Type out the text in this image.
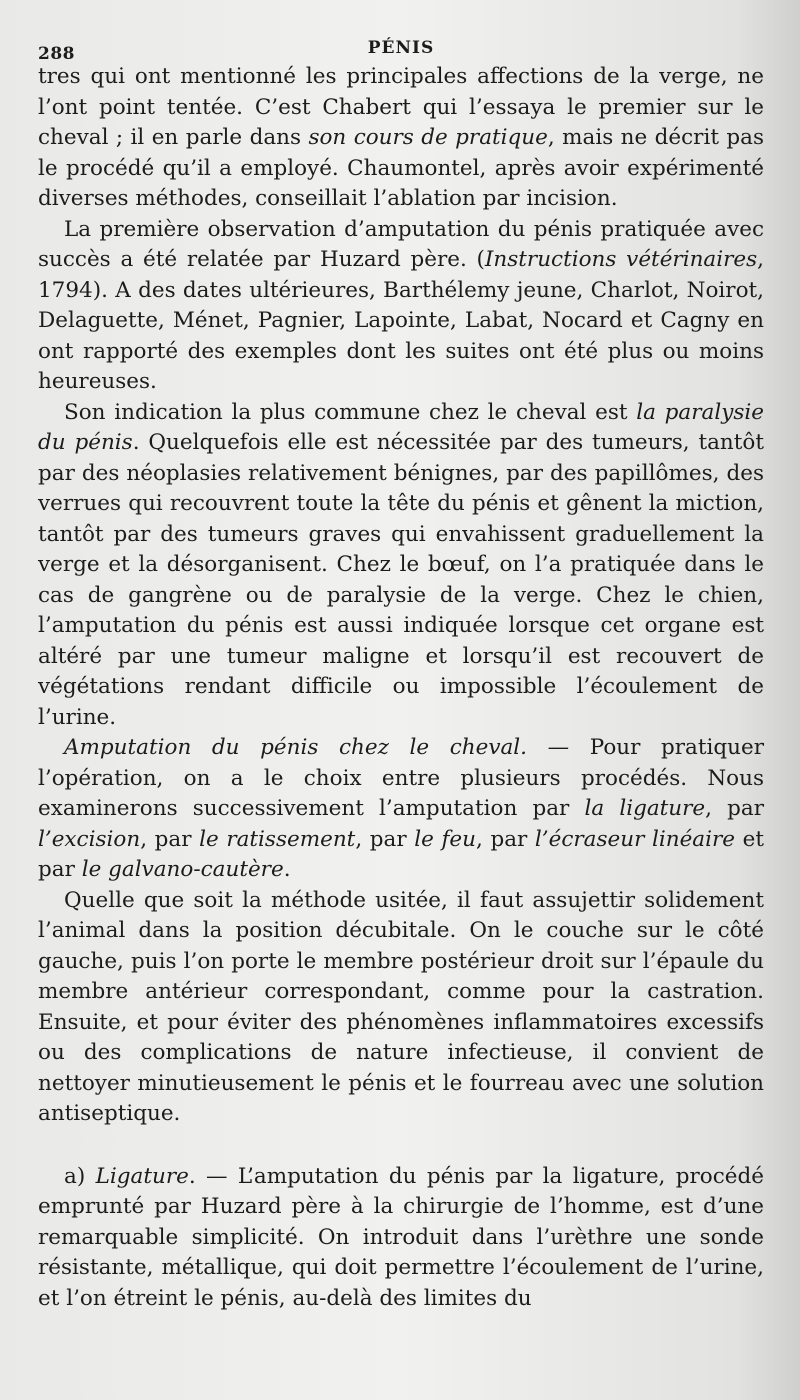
288	PÉNIS

tres qui ont mentionné les principales affections de la verge, ne l’ont point tentée. C’est Chabert qui l’essaya le premier sur le cheval ; il en parle dans son cours de pratique, mais ne décrit pas le procédé qu’il a employé. Chaumontel, après avoir expérimenté diverses méthodes, conseillait l’ablation par incision.

La première observation d’amputation du pénis pratiquée avec succès a été relatée par Huzard père. (Instructions vétérinaires, 1794). A des dates ultérieures, Barthélemy jeune, Charlot, Noirot, Delaguette, Ménet, Pagnier, Lapointe, Labat, Nocard et Cagny en ont rapporté des exemples dont les suites ont été plus ou moins heureuses.

Son indication la plus commune chez le cheval est la paralysie du pénis. Quelquefois elle est nécessitée par des tumeurs, tantôt par des néoplasies relativement bénignes, par des papillômes, des verrues qui recouvrent toute la tête du pénis et gênent la miction, tantôt par des tumeurs graves qui envahissent graduellement la verge et la désorganisent. Chez le bœuf, on l’a pratiquée dans le cas de gangrène ou de paralysie de la verge. Chez le chien, l’amputation du pénis est aussi indiquée lorsque cet organe est altéré par une tumeur maligne et lorsqu’il est recouvert de végétations rendant difficile ou impossible l’écoulement de l’urine.

Amputation du pénis chez le cheval. — Pour pratiquer l’opération, on a le choix entre plusieurs procédés. Nous examinerons successivement l’amputation par la ligature, par l’excision, par le ratissement, par le feu, par l’écraseur linéaire et par le galvano-cautère.

Quelle que soit la méthode usitée, il faut assujettir solidement l’animal dans la position décubitale. On le couche sur le côté gauche, puis l’on porte le membre postérieur droit sur l’épaule du membre antérieur correspondant, comme pour la castration. Ensuite, et pour éviter des phénomènes inflammatoires excessifs ou des complications de nature infectieuse, il convient de nettoyer minutieusement le pénis et le fourreau avec une solution antiseptique.

a) Ligature. — L’amputation du pénis par la ligature, procédé emprunté par Huzard père à la chirurgie de l’homme, est d’une remarquable simplicité. On introduit dans l’urèthre une sonde résistante, métallique, qui doit permettre l’écoulement de l’urine, et l’on étreint le pénis, au-delà des limites du
